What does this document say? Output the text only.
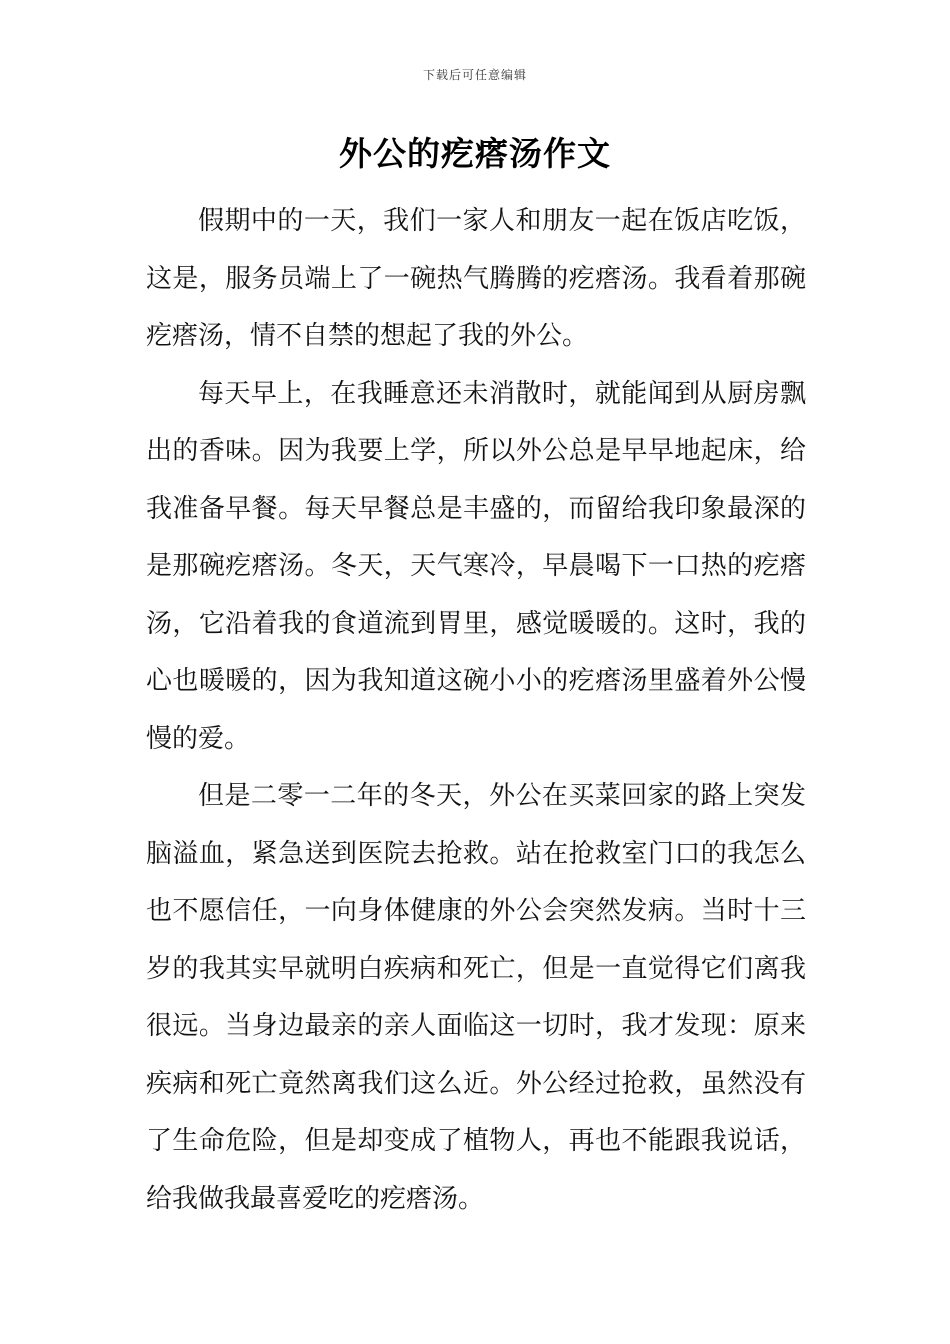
下载后可任意编辑
外公的疙瘩汤作文

假期中的一天，我们一家人和朋友一起在饭店吃饭，这是，服务员端上了一碗热气腾腾的疙瘩汤。我看着那碗疙瘩汤，情不自禁的想起了我的外公。

每天早上，在我睡意还未消散时，就能闻到从厨房飘出的香味。因为我要上学，所以外公总是早早地起床，给我准备早餐。每天早餐总是丰盛的，而留给我印象最深的是那碗疙瘩汤。冬天，天气寒冷，早晨喝下一口热的疙瘩汤，它沿着我的食道流到胃里，感觉暖暖的。这时，我的心也暖暖的，因为我知道这碗小小的疙瘩汤里盛着外公慢慢的爱。

但是二零一二年的冬天，外公在买菜回家的路上突发脑溢血，紧急送到医院去抢救。站在抢救室门口的我怎么也不愿信任，一向身体健康的外公会突然发病。当时十三岁的我其实早就明白疾病和死亡，但是一直觉得它们离我很远。当身边最亲的亲人面临这一切时，我才发现：原来疾病和死亡竟然离我们这么近。外公经过抢救，虽然没有了生命危险，但是却变成了植物人，再也不能跟我说话，给我做我最喜爱吃的疙瘩汤。
